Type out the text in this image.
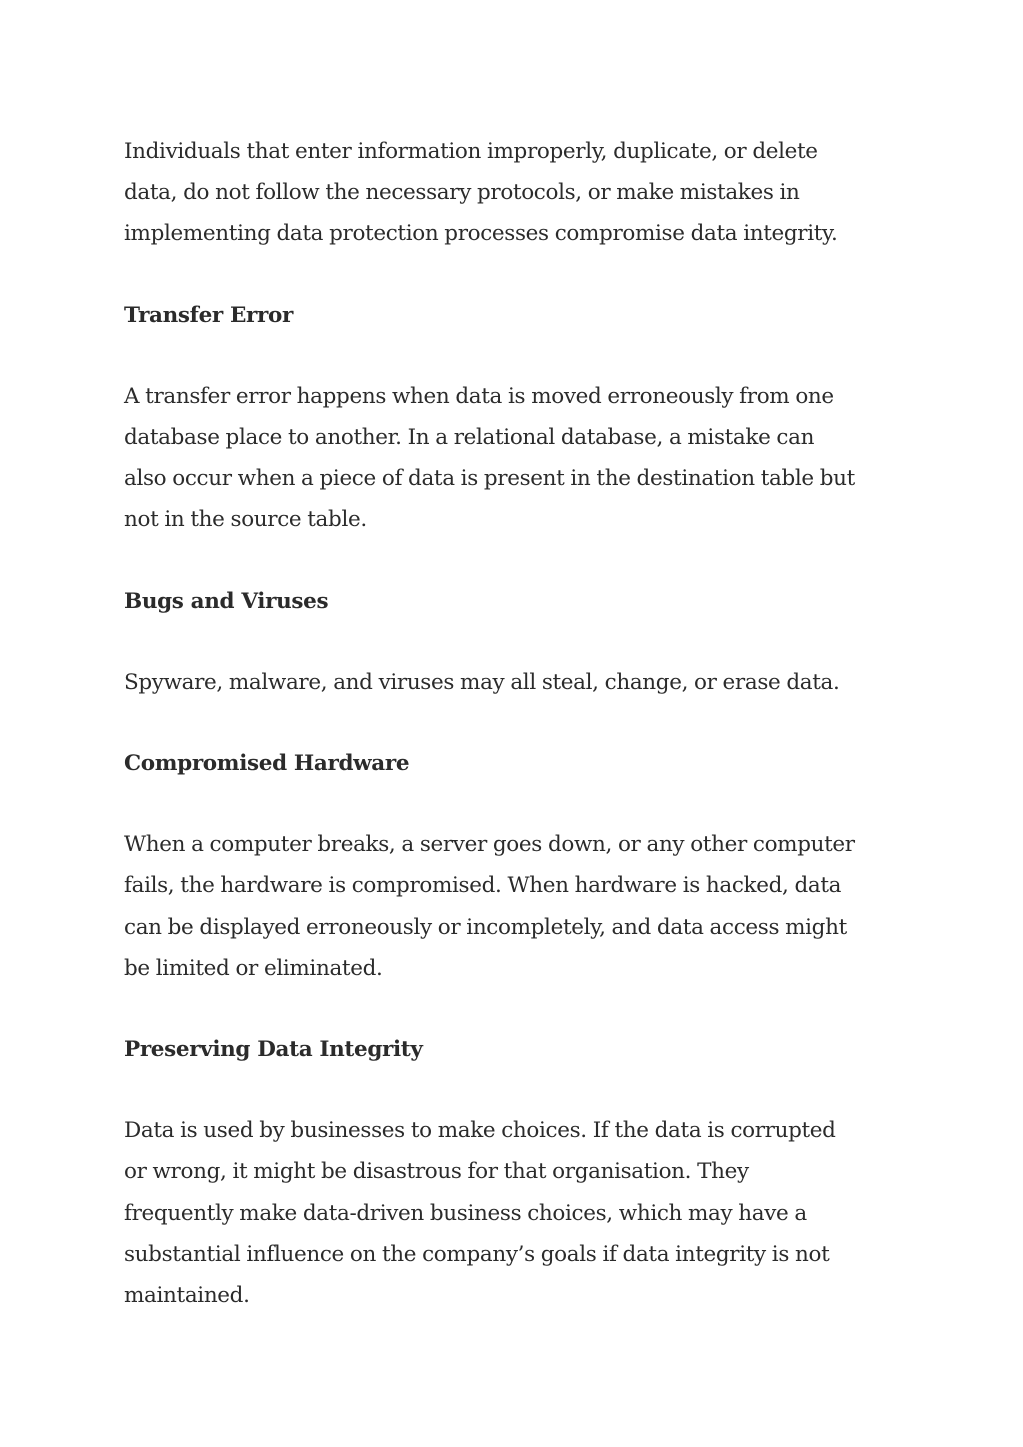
Individuals that enter information improperly, duplicate, or delete
data, do not follow the necessary protocols, or make mistakes in
implementing data protection processes compromise data integrity.

Transfer Error

A transfer error happens when data is moved erroneously from one
database place to another. In a relational database, a mistake can
also occur when a piece of data is present in the destination table but
not in the source table.

Bugs and Viruses

Spyware, malware, and viruses may all steal, change, or erase data.

Compromised Hardware

When a computer breaks, a server goes down, or any other computer
fails, the hardware is compromised. When hardware is hacked, data
can be displayed erroneously or incompletely, and data access might
be limited or eliminated.

Preserving Data Integrity

Data is used by businesses to make choices. If the data is corrupted
or wrong, it might be disastrous for that organisation. They
frequently make data-driven business choices, which may have a
substantial influence on the company’s goals if data integrity is not
maintained.
